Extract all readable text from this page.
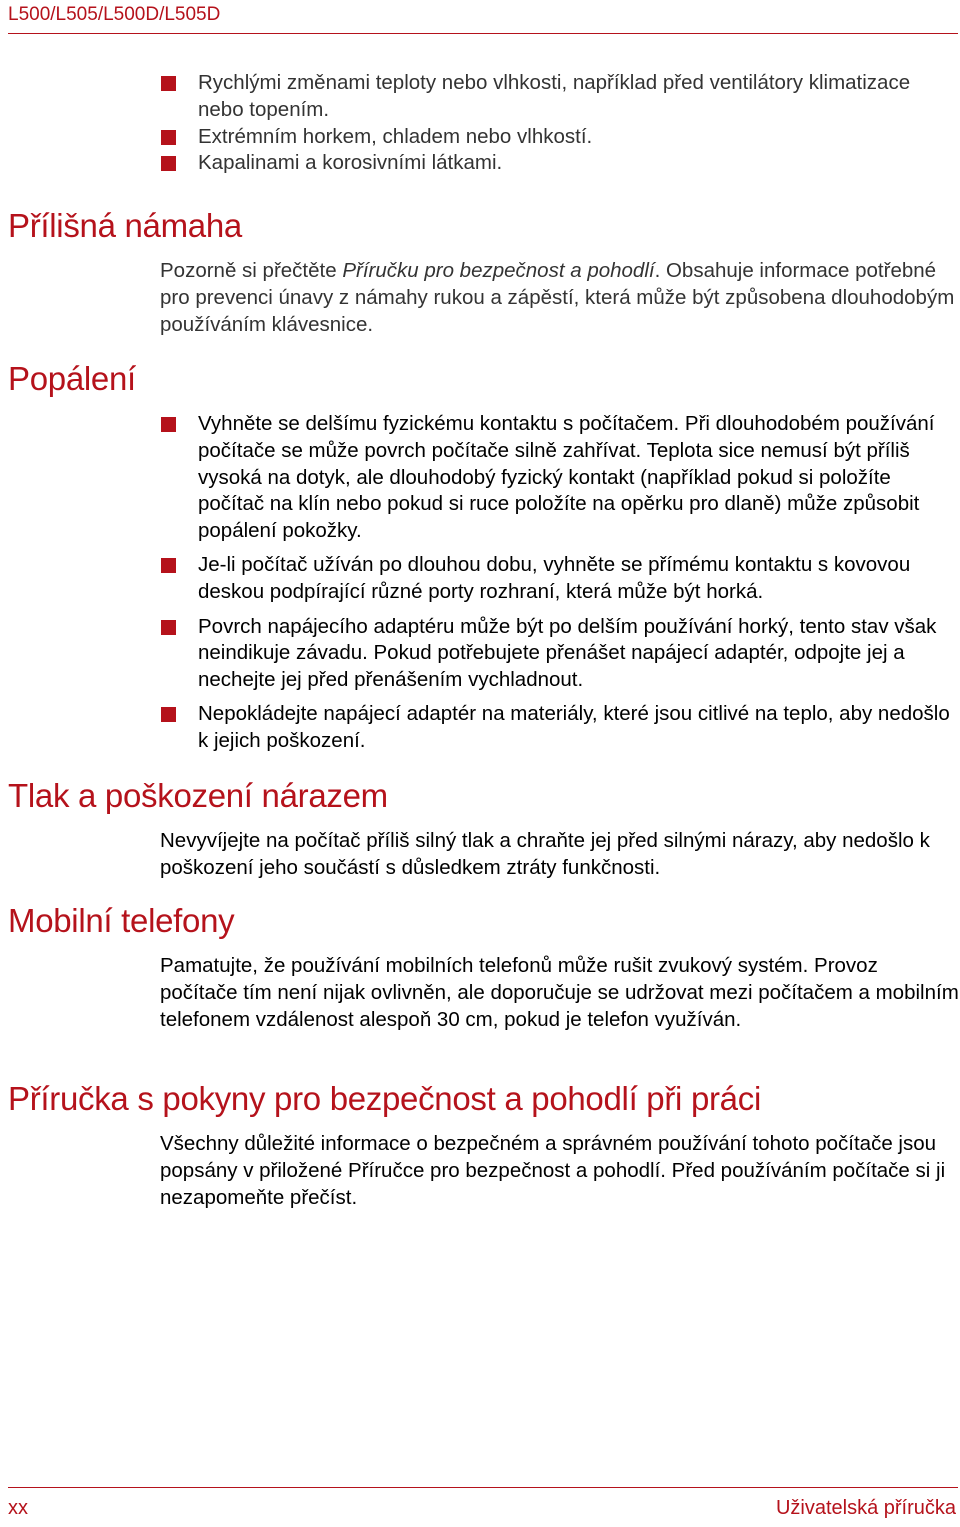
L500/L505/L500D/L505D
Rychlými změnami teploty nebo vlhkosti, například před ventilátory klimatizace nebo topením.
Extrémním horkem, chladem nebo vlhkostí.
Kapalinami a korosivními látkami.
Přílišná námaha

Pozorně si přečtěte Příručku pro bezpečnost a pohodlí. Obsahuje informace potřebné pro prevenci únavy z námahy rukou a zápěstí, která může být způsobena dlouhodobým používáním klávesnice.

Popálení
Vyhněte se delšímu fyzickému kontaktu s počítačem. Při dlouhodobém používání počítače se může povrch počítače silně zahřívat. Teplota sice nemusí být příliš vysoká na dotyk, ale dlouhodobý fyzický kontakt (například pokud si položíte počítač na klín nebo pokud si ruce položíte na opěrku pro dlaně) může způsobit popálení pokožky.
Je-li počítač užíván po dlouhou dobu, vyhněte se přímému kontaktu s kovovou deskou podpírající různé porty rozhraní, která může být horká.
Povrch napájecího adaptéru může být po delším používání horký, tento stav však neindikuje závadu. Pokud potřebujete přenášet napájecí adaptér, odpojte jej a nechejte jej před přenášením vychladnout.
Nepokládejte napájecí adaptér na materiály, které jsou citlivé na teplo, aby nedošlo k jejich poškození.
Tlak a poškození nárazem

Nevyvíjejte na počítač příliš silný tlak a chraňte jej před silnými nárazy, aby nedošlo k poškození jeho součástí s důsledkem ztráty funkčnosti.

Mobilní telefony

Pamatujte, že používání mobilních telefonů může rušit zvukový systém. Provoz počítače tím není nijak ovlivněn, ale doporučuje se udržovat mezi počítačem a mobilním telefonem vzdálenost alespoň 30 cm, pokud je telefon využíván.

Příručka s pokyny pro bezpečnost a pohodlí při práci

Všechny důležité informace o bezpečném a správném používání tohoto počítače jsou popsány v přiložené Příručce pro bezpečnost a pohodlí. Před používáním počítače si ji nezapomeňte přečíst.

xx	Uživatelská příručka
